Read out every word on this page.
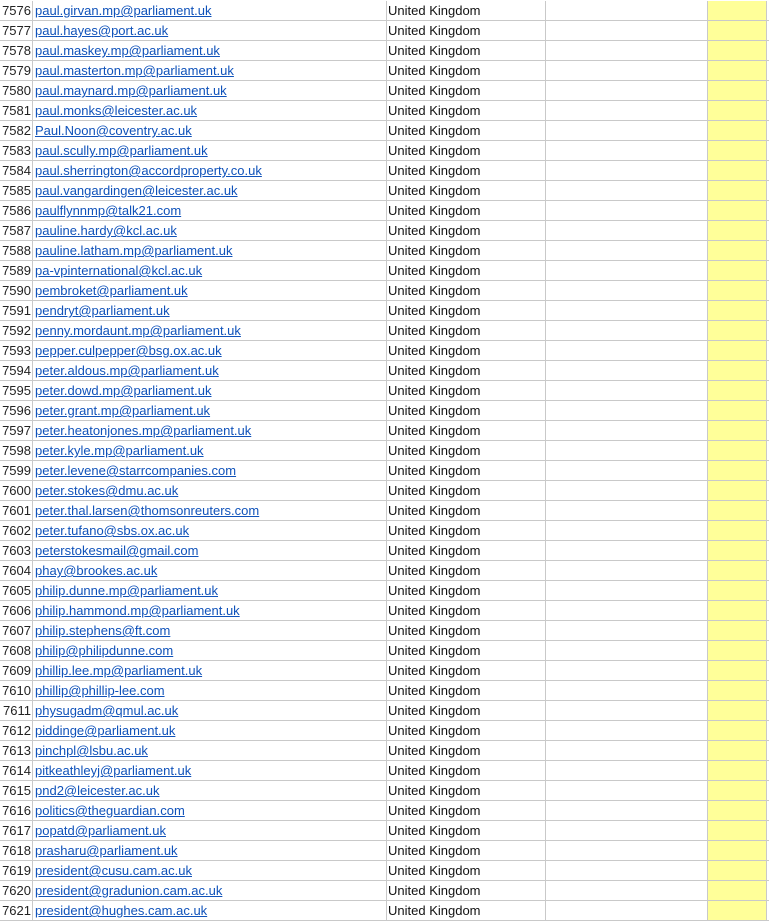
7576 paul.girvan.mp@parliament.uk	United Kingdom
7577 paul.hayes@port.ac.uk	United Kingdom
7578 paul.maskey.mp@parliament.uk	United Kingdom
7579 paul.masterton.mp@parliament.uk	United Kingdom
7580 paul.maynard.mp@parliament.uk	United Kingdom
7581 paul.monks@leicester.ac.uk	United Kingdom
7582 Paul.Noon@coventry.ac.uk	United Kingdom
7583 paul.scully.mp@parliament.uk	United Kingdom
7584 paul.sherrington@accordproperty.co.uk	United Kingdom
7585 paul.vangardingen@leicester.ac.uk	United Kingdom
7586 paulflynnmp@talk21.com	United Kingdom
7587 pauline.hardy@kcl.ac.uk	United Kingdom
7588 pauline.latham.mp@parliament.uk	United Kingdom
7589 pa-vpinternational@kcl.ac.uk	United Kingdom
7590 pembroket@parliament.uk	United Kingdom
7591 pendryt@parliament.uk	United Kingdom
7592 penny.mordaunt.mp@parliament.uk	United Kingdom
7593 pepper.culpepper@bsg.ox.ac.uk	United Kingdom
7594 peter.aldous.mp@parliament.uk	United Kingdom
7595 peter.dowd.mp@parliament.uk	United Kingdom
7596 peter.grant.mp@parliament.uk	United Kingdom
7597 peter.heatonjones.mp@parliament.uk	United Kingdom
7598 peter.kyle.mp@parliament.uk	United Kingdom
7599 peter.levene@starrcompanies.com	United Kingdom
7600 peter.stokes@dmu.ac.uk	United Kingdom
7601 peter.thal.larsen@thomsonreuters.com	United Kingdom
7602 peter.tufano@sbs.ox.ac.uk	United Kingdom
7603 peterstokesmail@gmail.com	United Kingdom
7604 phay@brookes.ac.uk	United Kingdom
7605 philip.dunne.mp@parliament.uk	United Kingdom
7606 philip.hammond.mp@parliament.uk	United Kingdom
7607 philip.stephens@ft.com	United Kingdom
7608 philip@philipdunne.com	United Kingdom
7609 phillip.lee.mp@parliament.uk	United Kingdom
7610 phillip@phillip-lee.com	United Kingdom
7611 physugadm@qmul.ac.uk	United Kingdom
7612 piddinge@parliament.uk	United Kingdom
7613 pinchpl@lsbu.ac.uk	United Kingdom
7614 pitkeathleyj@parliament.uk	United Kingdom
7615 pnd2@leicester.ac.uk	United Kingdom
7616 politics@theguardian.com	United Kingdom
7617 popatd@parliament.uk	United Kingdom
7618 prasharu@parliament.uk	United Kingdom
7619 president@cusu.cam.ac.uk	United Kingdom
7620 president@gradunion.cam.ac.uk	United Kingdom
7621 president@hughes.cam.ac.uk	United Kingdom
